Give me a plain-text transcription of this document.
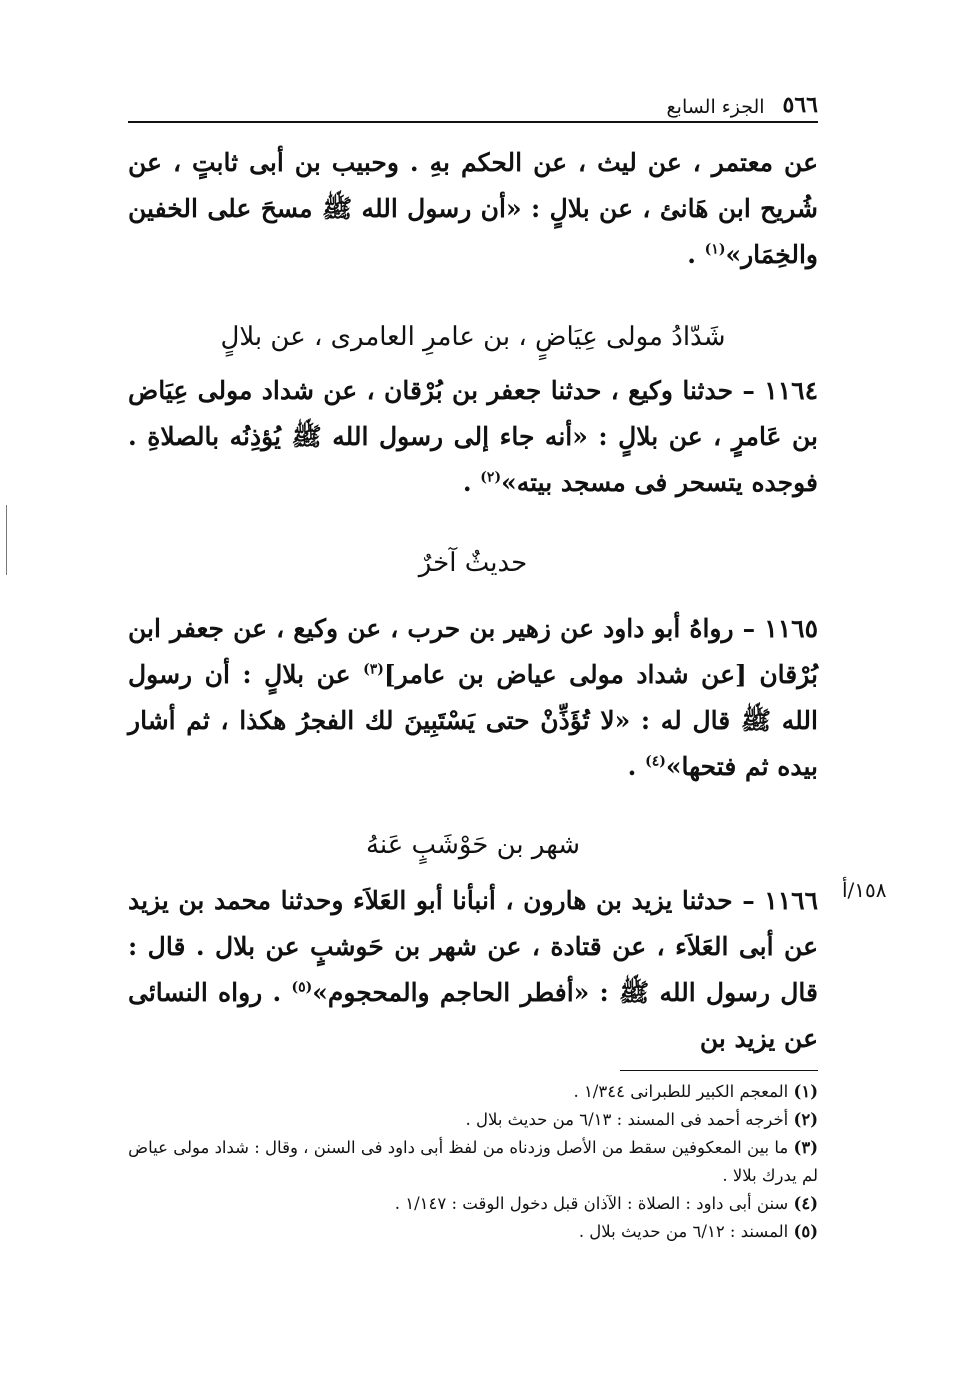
٥٦٦
الجزء السابع

عن معتمر ، عن ليث ، عن الحكم بهِ . وحبيب بن أبى ثابتٍ ، عن شُريح ابن هَانئ ، عن بلالٍ : «أن رسول الله ﷺ مسحَ على الخفين والخِمَار»$^{(١)}$ .

شَدّادُ مولى عِيَاضٍ ، بن عامرِ العامرى ، عن بلالٍ

١١٦٤ – حدثنا وكيع ، حدثنا جعفر بن بُرْقان ، عن شداد مولى عِيَاض بن عَامرٍ ، عن بلالٍ : «أنه جاء إلى رسول الله ﷺ يُؤذِنُه بالصلاةِ . فوجده يتسحر فى مسجد بيته»$^{(٢)}$ .

حديثٌ آخرٌ

١١٦٥ – رواهُ أبو داود عن زهير بن حرب ، عن وكيع ، عن جعفر ابن بُرْقان [عن شداد مولى عياض بن عامر]$^{(٣)}$ عن بلالٍ : أن رسول الله ﷺ قال له : «لا تُؤَذِّنْ حتى يَسْتَبِينَ لك الفجرُ هكذا ، ثم أشار بيده ثم فتحها»$^{(٤)}$ .

شهر بن حَوْشَبٍ عَنهُ

١١٦٦ – حدثنا يزيد بن هارون ، أنبأنا أبو العَلاَء وحدثنا محمد بن يزيد عن أبى العَلاَء ، عن قتادة ، عن شهر بن حَوشبٍ عن بلال . قال : قال رسول الله ﷺ : «أفطر الحاجم والمحجوم»$^{(٥)}$ . رواه النسائى عن يزيد بن

١٥٨/أ

(١) المعجم الكبير للطبرانى ١/٣٤٤ .

(٢) أخرجه أحمد فى المسند : ٦/١٣ من حديث بلال .

(٣) ما بين المعكوفين سقط من الأصل وزدناه من لفظ أبى داود فى السنن ، وقال : شداد مولى عياض لم يدرك بلالا .

(٤) سنن أبى داود : الصلاة : الآذان قبل دخول الوقت : ١/١٤٧ .

(٥) المسند : ٦/١٢ من حديث بلال .
